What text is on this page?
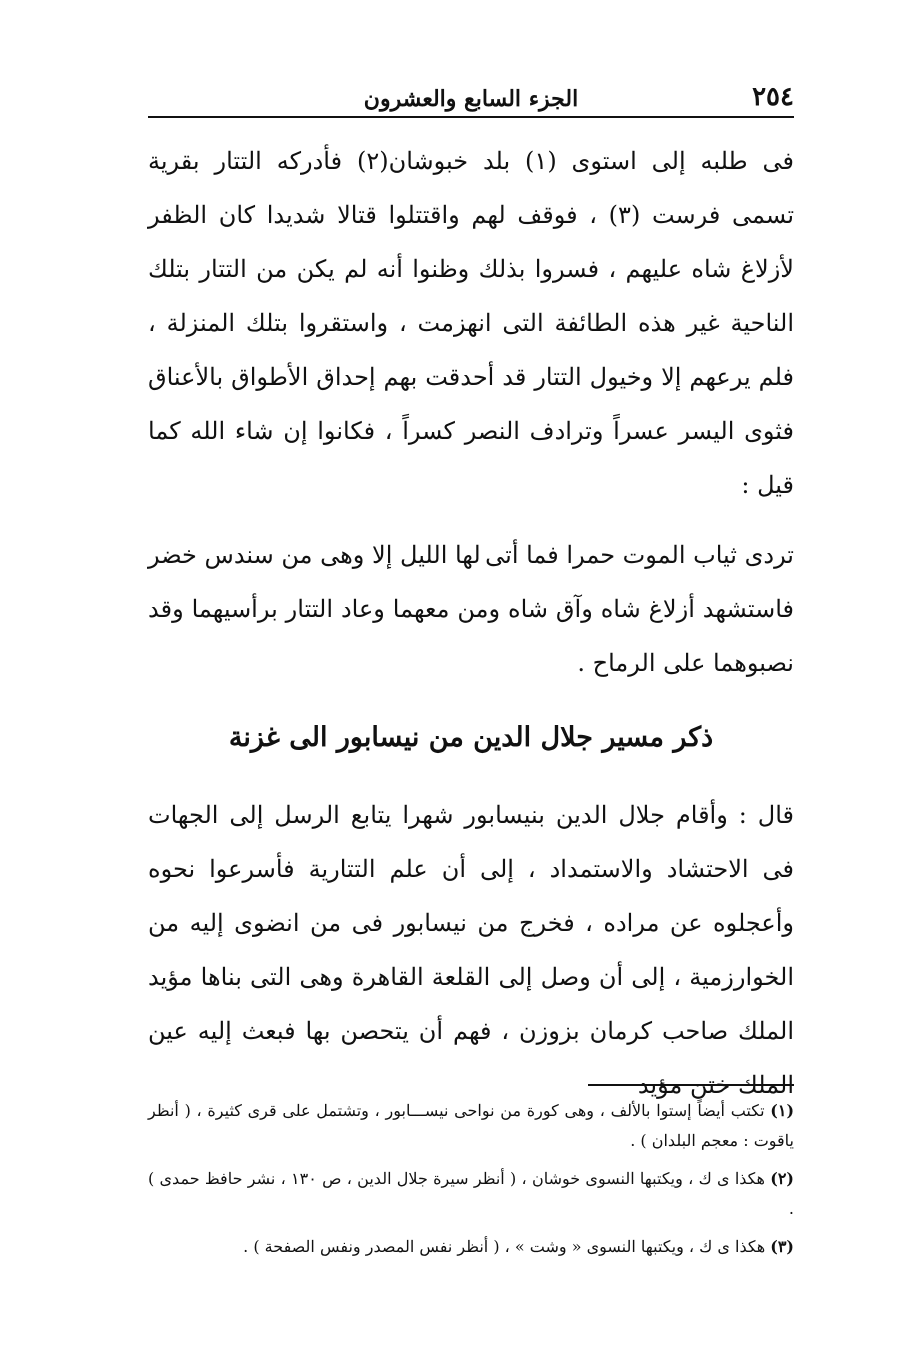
٢٥٤
الجزء السابع والعشرون

فى طلبه إلى استوى (١) بلد خبوشان(٢) فأدركه التتار بقرية تسمى فرست (٣) ، فوقف لهم واقتتلوا قتالا شديدا كان الظفر لأزلاغ شاه عليهم ، فسروا بذلك وظنوا أنه لم يكن من التتار بتلك الناحية غير هذه الطائفة التى انهزمت ، واستقروا بتلك المنزلة ، فلم يرعهم إلا وخيول التتار قد أحدقت بهم إحداق الأطواق بالأعناق فثوى اليسر عسراً وترادف النصر كسراً ، فكانوا إن شاء الله كما قيل :

تردى ثياب الموت حمرا فما أتى
لها الليل إلا وهى من سندس خضر

فاستشهد أزلاغ شاه وآق شاه ومن معهما وعاد التتار برأسيهما وقد نصبوهما على الرماح .

ذكر مسير جلال الدين من نيسابور الى غزنة

قال : وأقام جلال الدين بنيسابور شهرا يتابع الرسل إلى الجهات فى الاحتشاد والاستمداد ، إلى أن علم التتارية فأسرعوا نحوه وأعجلوه عن مراده ، فخرج من نيسابور فى من انضوى إليه من الخوارزمية ، إلى أن وصل إلى القلعة القاهرة وهى التى بناها مؤيد الملك صاحب كرمان بزوزن ، فهم أن يتحصن بها فبعث إليه عين الملك ختن مؤيد

(١) تكتب أيضاً إستوا بالألف ، وهى كورة من نواحى نيســـابور ، وتشتمل على قرى كثيرة ، ( أنظر ياقوت : معجم البلدان ) .

(٢) هكذا ى ك ، ويكتبها النسوى خوشان ، ( أنظر سيرة جلال الدين ، ص ١٣٠ ، نشر حافظ حمدى ) .

(٣) هكذا ى ك ، ويكتبها النسوى « وشت » ، ( أنظر نفس المصدر ونفس الصفحة ) .
